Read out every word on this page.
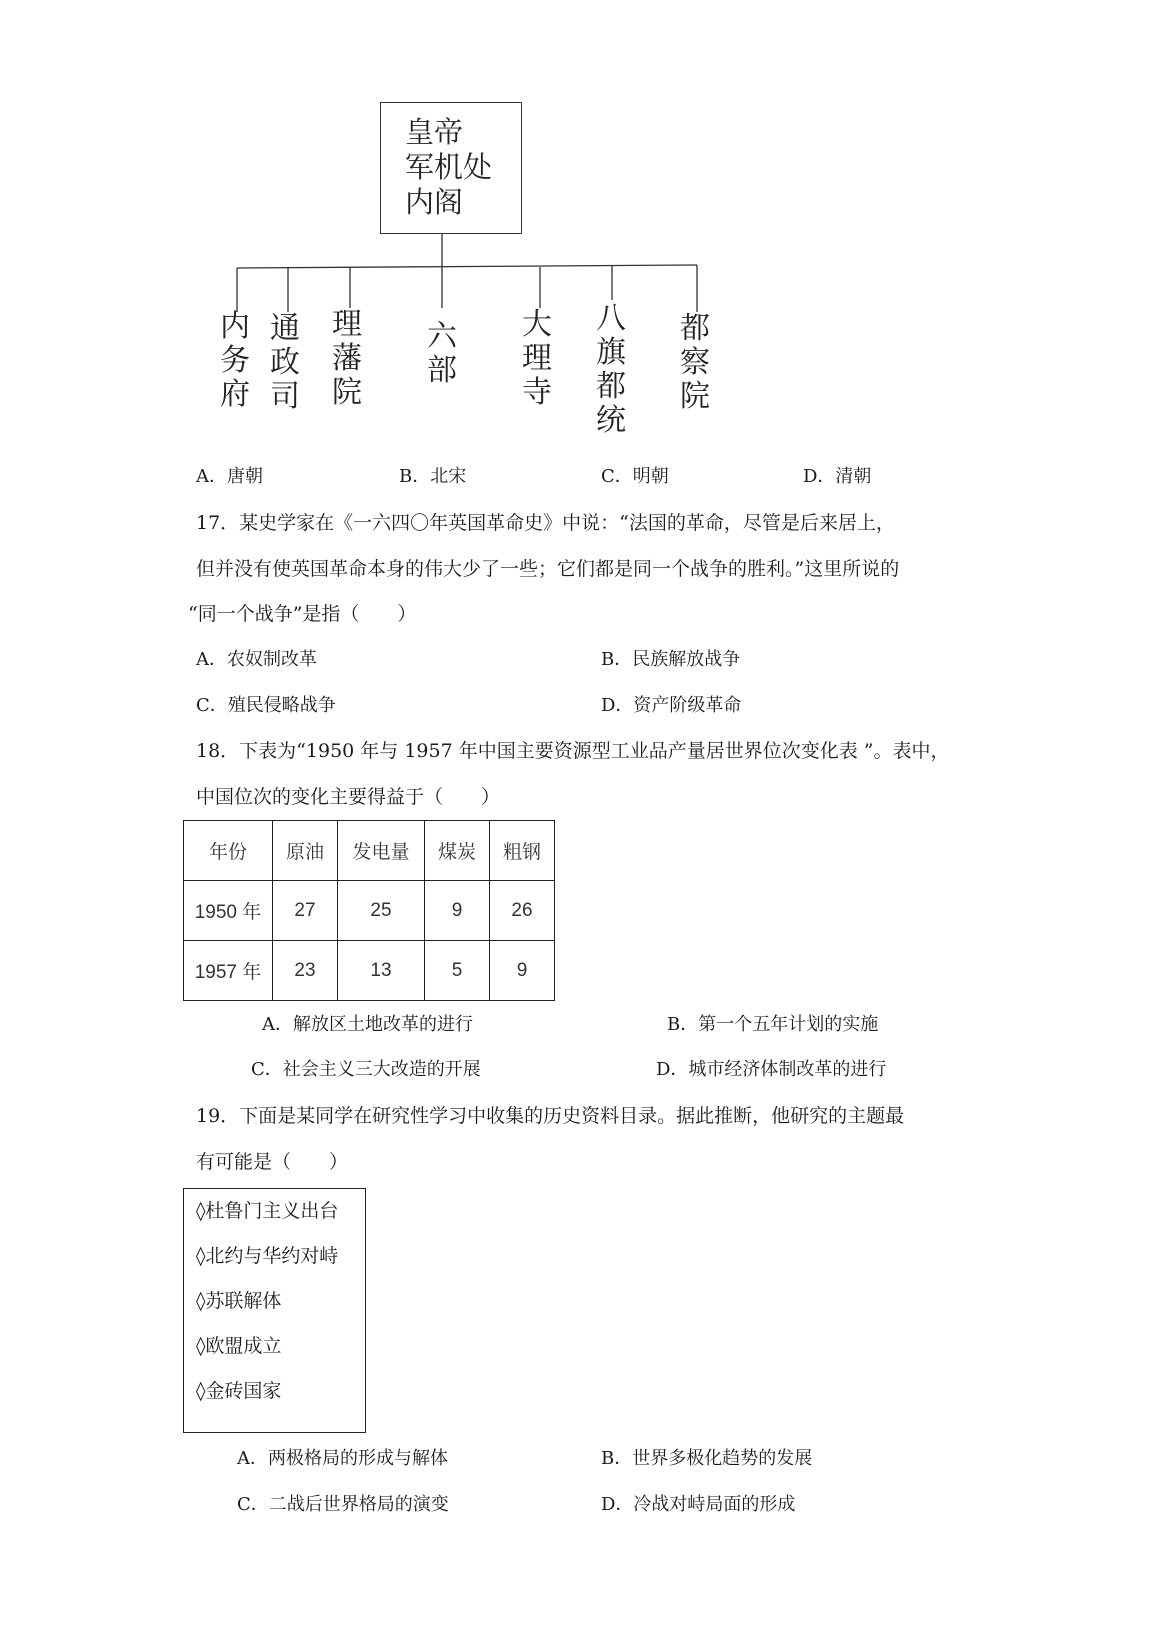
皇帝
军机处
内阁
内
务
府
通
政
司
理
藩
院
六
部
大
理
寺
八
旗
都
统
都
察
院
A．唐朝	B．北宋	C．明朝	D．清朝
17．某史学家在《一六四〇年英国革命史》中说：“法国的革命，尽管是后来居上，
但并没有使英国革命本身的伟大少了一些；它们都是同一个战争的胜利。”这里所说的
“同一个战争”是指（　　）
A．农奴制改革	B．民族解放战争
C．殖民侵略战争	D．资产阶级革命
18．下表为“1950 年与 1957 年中国主要资源型工业品产量居世界位次变化表 ”。表中，
中国位次的变化主要得益于（　　）
年份	原油	发电量	煤炭	粗钢
1950 年	27	25	9	26
1957 年	23	13	5	9
A．解放区土地改革的进行	B．第一个五年计划的实施
C．社会主义三大改造的开展	D．城市经济体制改革的进行
19．下面是某同学在研究性学习中收集的历史资料目录。据此推断，他研究的主题最
有可能是（　　）
◊杜鲁门主义出台
◊北约与华约对峙
◊苏联解体
◊欧盟成立
◊金砖国家
A．两极格局的形成与解体	B．世界多极化趋势的发展
C．二战后世界格局的演变	D．冷战对峙局面的形成
